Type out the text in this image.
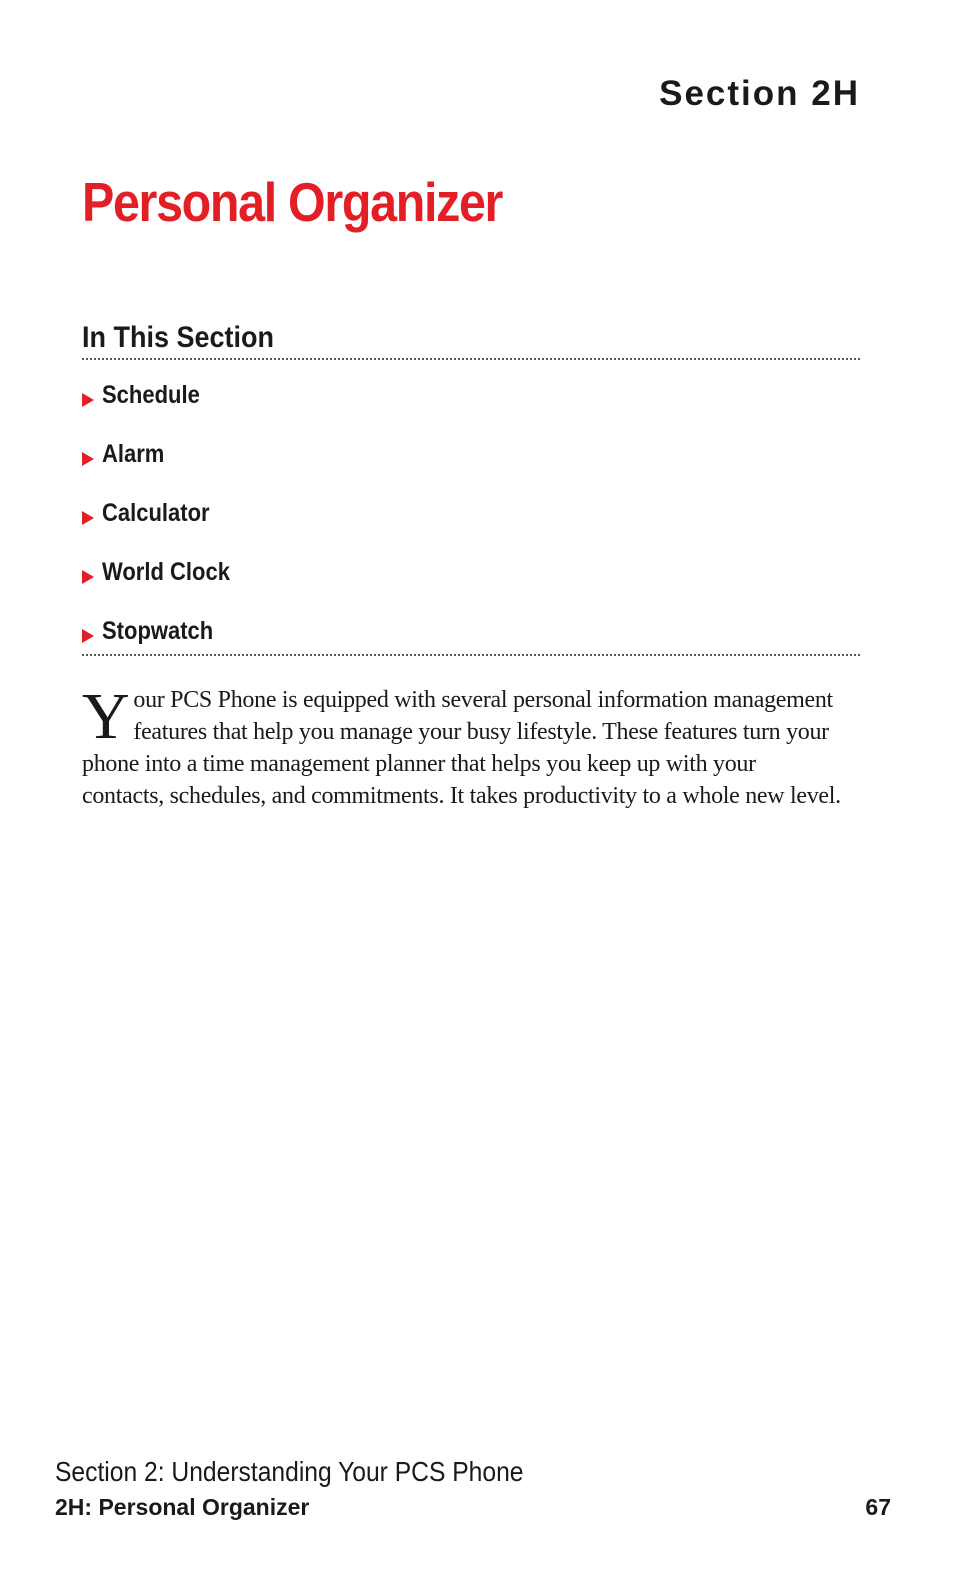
Section 2H
Personal Organizer
In This Section
Schedule
Alarm
Calculator
World Clock
Stopwatch

Your PCS Phone is equipped with several personal information management features that help you manage your busy lifestyle. These features turn your phone into a time management planner that helps you keep up with your contacts, schedules, and commitments. It takes productivity to a whole new level.

Section 2: Understanding Your PCS Phone
2H: Personal Organizer	67
